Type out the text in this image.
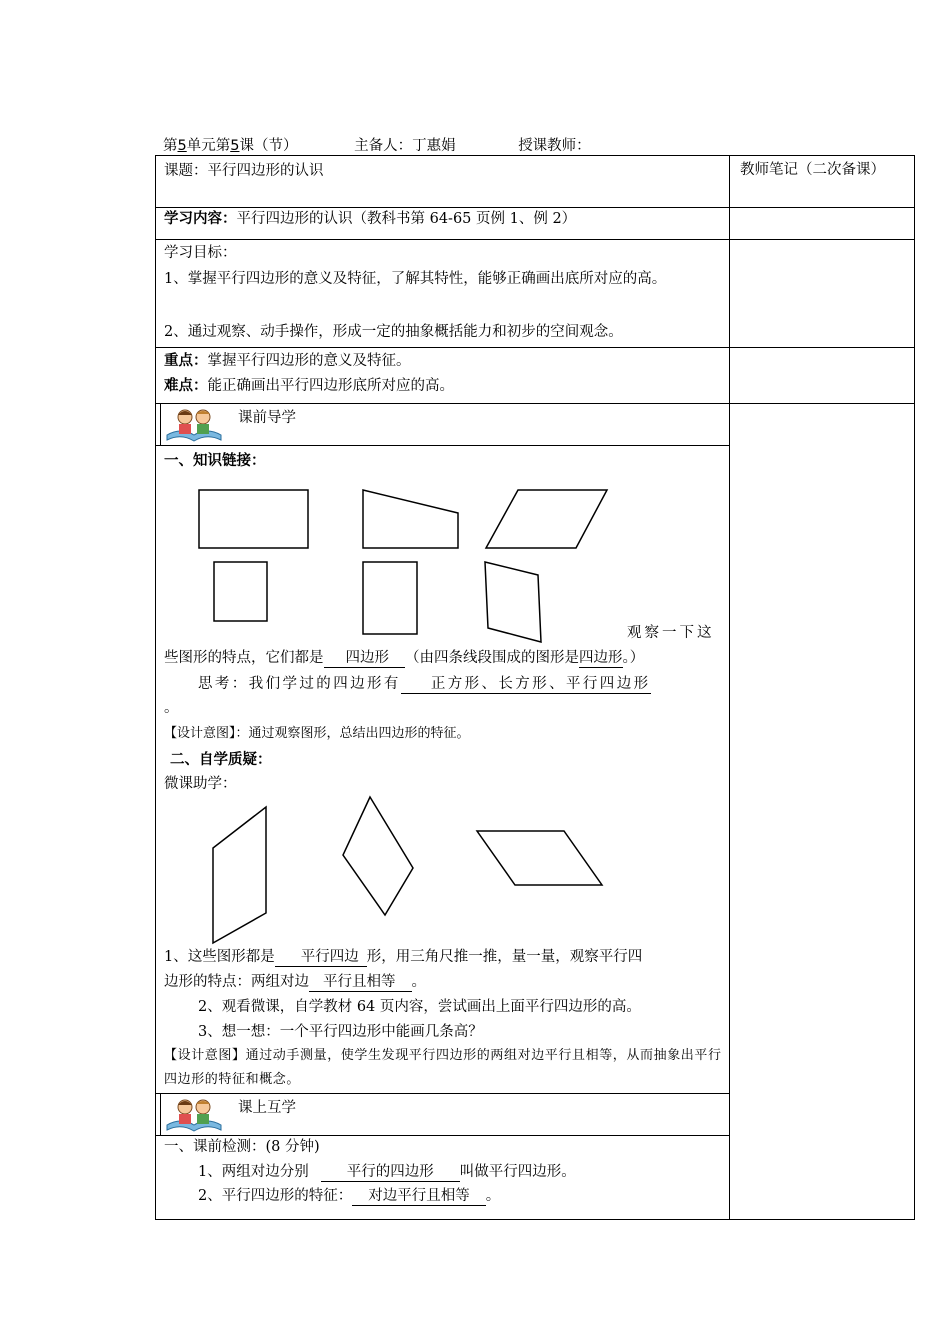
第5单元第5课（节）	主备人：丁惠娟	授课教师：
课题：平行四边形的认识	教师笔记（二次备课）
学习内容：平行四边形的认识（教科书第 64-65 页例 1、例 2）
学习目标：
1、掌握平行四边形的意义及特征，了解其特性，能够正确画出底所对应的高。
2、通过观察、动手操作，形成一定的抽象概括能力和初步的空间观念。
重点：掌握平行四边形的意义及特征。
难点：能正确画出平行四边形底所对应的高。
课前导学
一、知识链接：
观察一下这
些图形的特点，它们都是 四边形 （由四条线段围成的图形是四边形。）
思考：我们学过的四边形有 正方形、长方形、平行四边形
。
【设计意图】：通过观察图形，总结出四边形的特征。
二、自学质疑：
微课助学：
1、这些图形都是 平行四边 形，用三角尺推一推，量一量，观察平行四
边形的特点：两组对边 平行且相等 。
2、观看微课，自学教材 64 页内容，尝试画出上面平行四边形的高。
3、想一想：一个平行四边形中能画几条高？
【设计意图】通过动手测量，使学生发现平行四边形的两组对边平行且相等，从而抽象出平行四边形的特征和概念。
课上互学
一、课前检测：(8 分钟)
1、两组对边分别	平行的四边形 叫做平行四边形。
2、平行四边形的特征： 对边平行且相等 。
